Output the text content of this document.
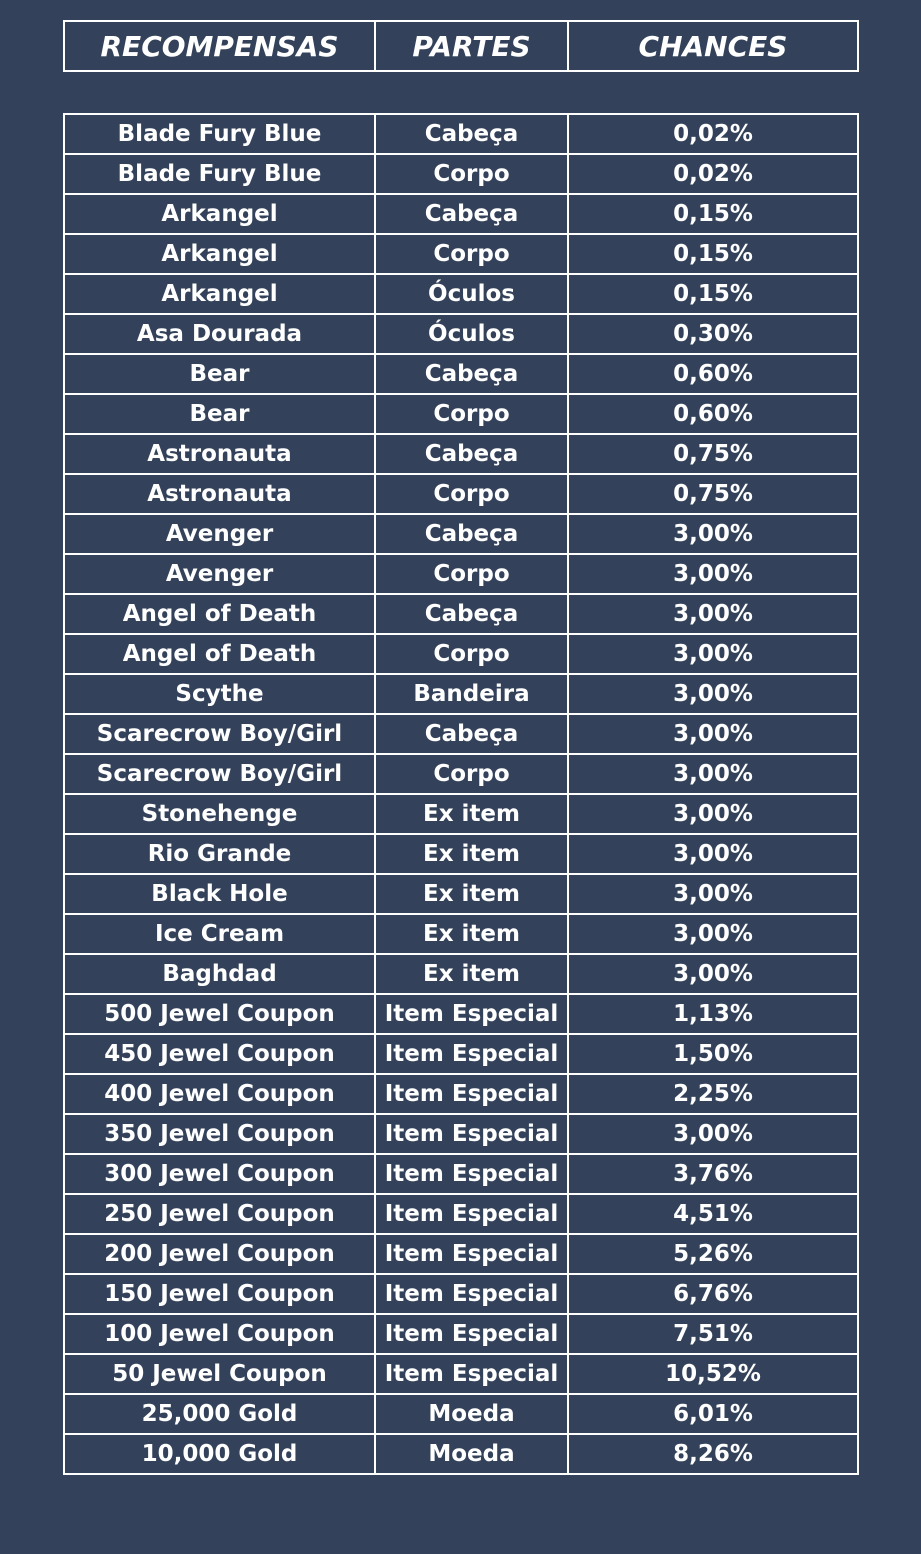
RECOMPENSAS	PARTES	CHANCES
Blade Fury Blue	Cabeça	0,02%
Blade Fury Blue	Corpo	0,02%
Arkangel	Cabeça	0,15%
Arkangel	Corpo	0,15%
Arkangel	Óculos	0,15%
Asa Dourada	Óculos	0,30%
Bear	Cabeça	0,60%
Bear	Corpo	0,60%
Astronauta	Cabeça	0,75%
Astronauta	Corpo	0,75%
Avenger	Cabeça	3,00%
Avenger	Corpo	3,00%
Angel of Death	Cabeça	3,00%
Angel of Death	Corpo	3,00%
Scythe	Bandeira	3,00%
Scarecrow Boy/Girl	Cabeça	3,00%
Scarecrow Boy/Girl	Corpo	3,00%
Stonehenge	Ex item	3,00%
Rio Grande	Ex item	3,00%
Black Hole	Ex item	3,00%
Ice Cream	Ex item	3,00%
Baghdad	Ex item	3,00%
500 Jewel Coupon	Item Especial	1,13%
450 Jewel Coupon	Item Especial	1,50%
400 Jewel Coupon	Item Especial	2,25%
350 Jewel Coupon	Item Especial	3,00%
300 Jewel Coupon	Item Especial	3,76%
250 Jewel Coupon	Item Especial	4,51%
200 Jewel Coupon	Item Especial	5,26%
150 Jewel Coupon	Item Especial	6,76%
100 Jewel Coupon	Item Especial	7,51%
50 Jewel Coupon	Item Especial	10,52%
25,000 Gold	Moeda	6,01%
10,000 Gold	Moeda	8,26%
